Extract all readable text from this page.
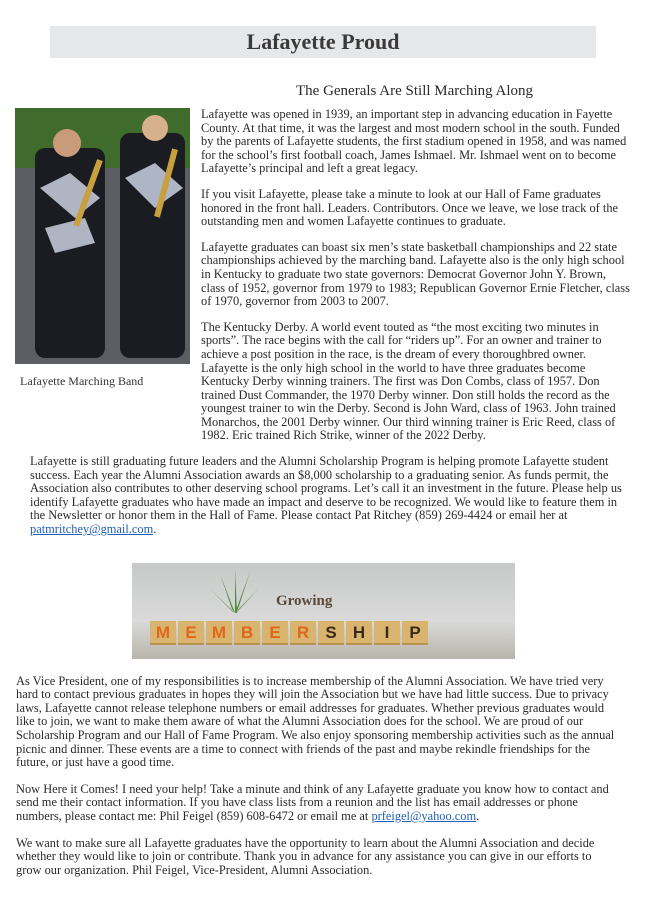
Lafayette Proud
The Generals Are Still Marching Along
Lafayette Marching Band

Lafayette was opened in 1939, an important step in advancing education in Fayette County. At that time, it was the largest and most modern school in the south. Funded by the parents of Lafayette students, the first stadium opened in 1958, and was named for the school’s first football coach, James Ishmael. Mr. Ishmael went on to become Lafayette’s principal and left a great legacy.

If you visit Lafayette, please take a minute to look at our Hall of Fame graduates honored in the front hall. Leaders. Contributors. Once we leave, we lose track of the outstanding men and women Lafayette continues to graduate.

Lafayette graduates can boast six men’s state basketball championships and 22 state championships achieved by the marching band. Lafayette also is the only high school in Kentucky to graduate two state governors: Democrat Governor John Y. Brown, class of 1952, governor from 1979 to 1983; Republican Governor Ernie Fletcher, class of 1970, governor from 2003 to 2007.

The Kentucky Derby. A world event touted as “the most exciting two minutes in sports”. The race begins with the call for “riders up”. For an owner and trainer to achieve a post position in the race, is the dream of every thoroughbred owner. Lafayette is the only high school in the world to have three graduates become Kentucky Derby winning trainers. The first was Don Combs, class of 1957. Don trained Dust Commander, the 1970 Derby winner. Don still holds the record as the youngest trainer to win the Derby. Second is John Ward, class of 1963. John trained Monarchos, the 2001 Derby winner. Our third winning trainer is Eric Reed, class of 1982. Eric trained Rich Strike, winner of the 2022 Derby.

Lafayette is still graduating future leaders and the Alumni Scholarship Program is helping promote Lafayette student success. Each year the Alumni Association awards an $8,000 scholarship to a graduating senior. As funds permit, the Association also contributes to other deserving school programs. Let’s call it an investment in the future. Please help us identify Lafayette graduates who have made an impact and deserve to be recognized. We would like to feature them in the Newsletter or honor them in the Hall of Fame. Please contact Pat Ritchey (859) 269-4424 or email her at patmritchey@gmail.com.

Growing
M E M B E R S H	I	P

As Vice President, one of my responsibilities is to increase membership of the Alumni Association. We have tried very hard to contact previous graduates in hopes they will join the Association but we have had little success. Due to privacy laws, Lafayette cannot release telephone numbers or email addresses for graduates. Whether previous graduates would like to join, we want to make them aware of what the Alumni Association does for the school. We are proud of our Scholarship Program and our Hall of Fame Program. We also enjoy sponsoring membership activities such as the annual picnic and dinner. These events are a time to connect with friends of the past and maybe rekindle friendships for the future, or just have a good time.

Now Here it Comes! I need your help! Take a minute and think of any Lafayette graduate you know how to contact and send me their contact information. If you have class lists from a reunion and the list has email addresses or phone numbers, please contact me: Phil Feigel (859) 608-6472 or email me at prfeigel@yahoo.com.

We want to make sure all Lafayette graduates have the opportunity to learn about the Alumni Association and decide whether they would like to join or contribute. Thank you in advance for any assistance you can give in our efforts to grow our organization. Phil Feigel, Vice-President, Alumni Association.
